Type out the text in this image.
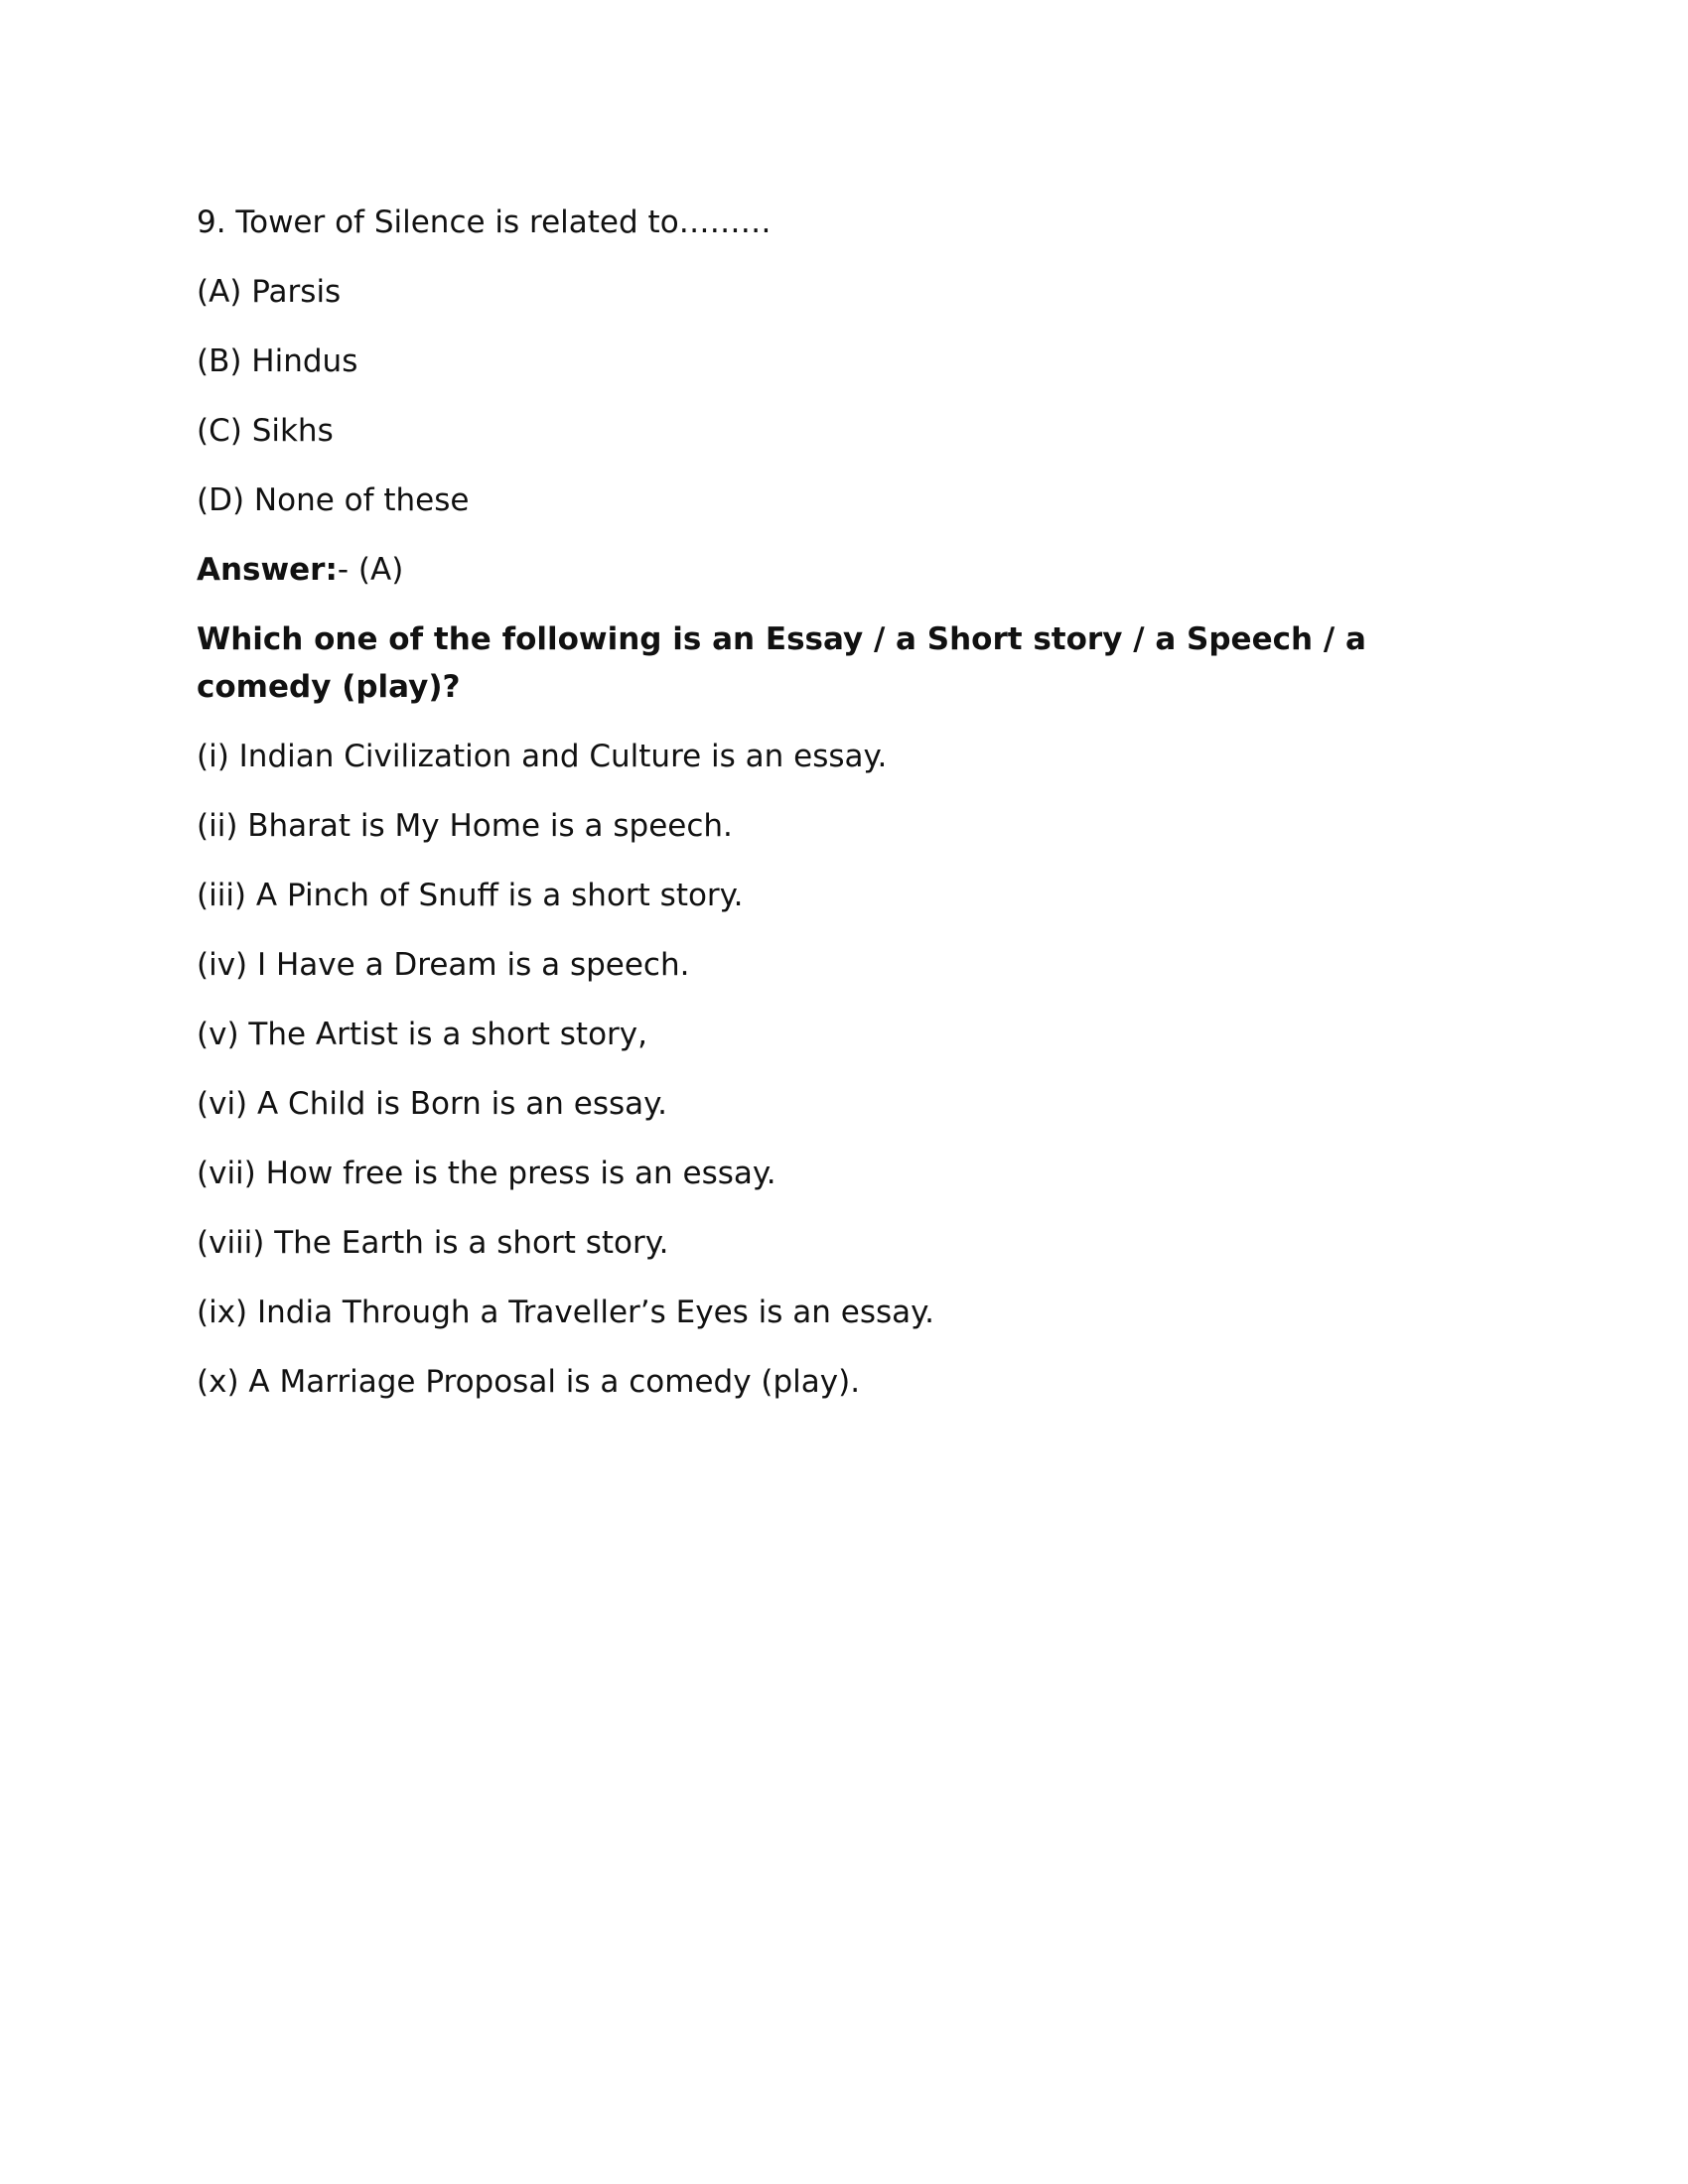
9. Tower of Silence is related to………

(A) Parsis

(B) Hindus

(C) Sikhs

(D) None of these

Answer:- (A)

Which one of the following is an Essay / a Short story / a Speech / a comedy (play)?

(i) Indian Civilization and Culture is an essay.

(ii) Bharat is My Home is a speech.

(iii) A Pinch of Snuff is a short story.

(iv) I Have a Dream is a speech.

(v) The Artist is a short story,

(vi) A Child is Born is an essay.

(vii) How free is the press is an essay.

(viii) The Earth is a short story.

(ix) India Through a Traveller’s Eyes is an essay.

(x) A Marriage Proposal is a comedy (play).
